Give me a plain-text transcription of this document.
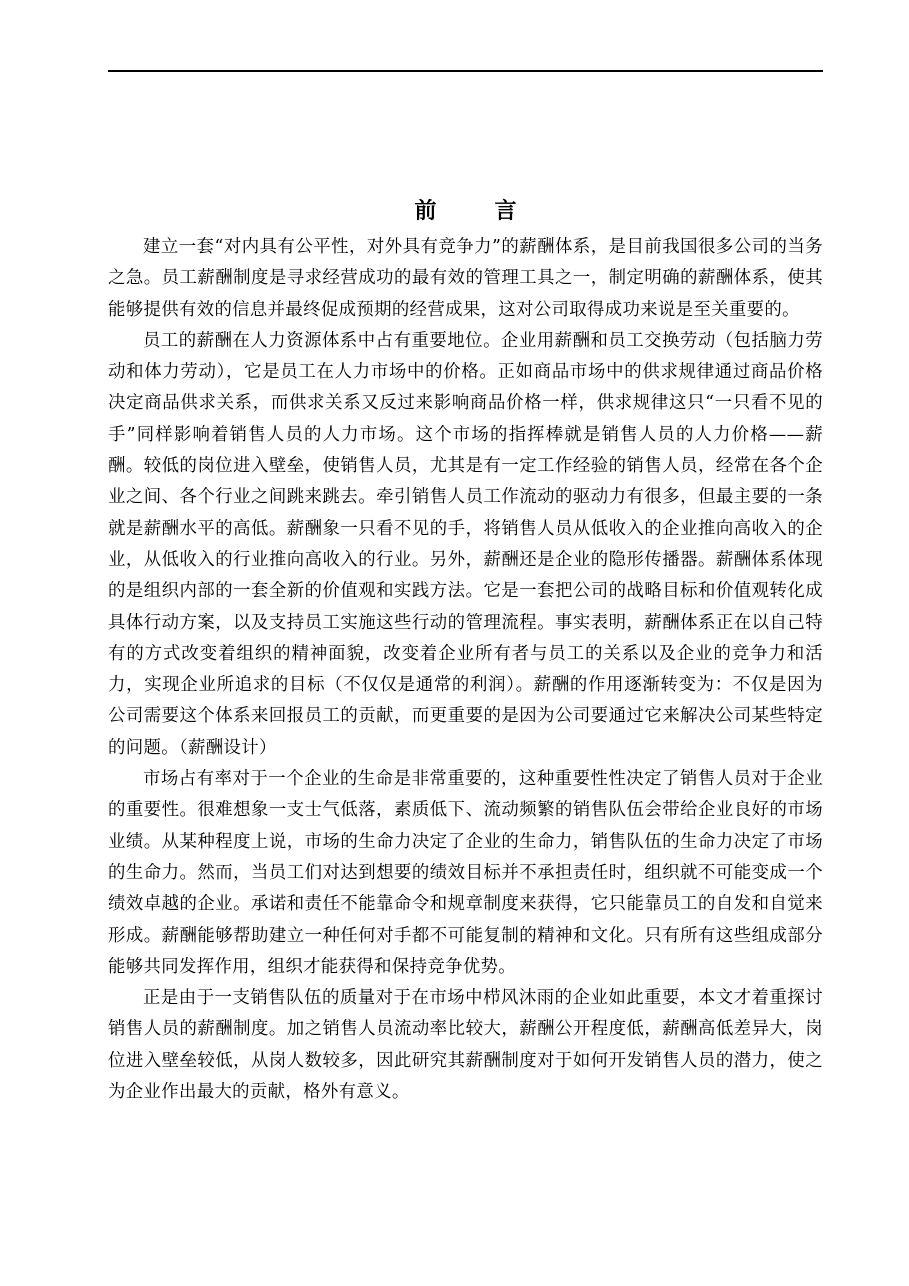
前　言

建立一套“对内具有公平性，对外具有竞争力”的薪酬体系，是目前我国很多公司的当务之急。员工薪酬制度是寻求经营成功的最有效的管理工具之一，制定明确的薪酬体系，使其能够提供有效的信息并最终促成预期的经营成果，这对公司取得成功来说是至关重要的。

员工的薪酬在人力资源体系中占有重要地位。企业用薪酬和员工交换劳动（包括脑力劳动和体力劳动），它是员工在人力市场中的价格。正如商品市场中的供求规律通过商品价格决定商品供求关系，而供求关系又反过来影响商品价格一样，供求规律这只“一只看不见的手”同样影响着销售人员的人力市场。这个市场的指挥棒就是销售人员的人力价格——薪酬。较低的岗位进入壁垒，使销售人员，尤其是有一定工作经验的销售人员，经常在各个企业之间、各个行业之间跳来跳去。牵引销售人员工作流动的驱动力有很多，但最主要的一条就是薪酬水平的高低。薪酬象一只看不见的手，将销售人员从低收入的企业推向高收入的企业，从低收入的行业推向高收入的行业。另外，薪酬还是企业的隐形传播器。薪酬体系体现的是组织内部的一套全新的价值观和实践方法。它是一套把公司的战略目标和价值观转化成具体行动方案，以及支持员工实施这些行动的管理流程。事实表明，薪酬体系正在以自己特有的方式改变着组织的精神面貌，改变着企业所有者与员工的关系以及企业的竞争力和活力，实现企业所追求的目标（不仅仅是通常的利润）。薪酬的作用逐渐转变为：不仅是因为公司需要这个体系来回报员工的贡献，而更重要的是因为公司要通过它来解决公司某些特定的问题。（薪酬设计）

市场占有率对于一个企业的生命是非常重要的，这种重要性性决定了销售人员对于企业的重要性。很难想象一支士气低落，素质低下、流动频繁的销售队伍会带给企业良好的市场业绩。从某种程度上说，市场的生命力决定了企业的生命力，销售队伍的生命力决定了市场的生命力。然而，当员工们对达到想要的绩效目标并不承担责任时，组织就不可能变成一个绩效卓越的企业。承诺和责任不能靠命令和规章制度来获得，它只能靠员工的自发和自觉来形成。薪酬能够帮助建立一种任何对手都不可能复制的精神和文化。只有所有这些组成部分能够共同发挥作用，组织才能获得和保持竞争优势。

正是由于一支销售队伍的质量对于在市场中栉风沐雨的企业如此重要，本文才着重探讨销售人员的薪酬制度。加之销售人员流动率比较大，薪酬公开程度低，薪酬高低差异大，岗位进入壁垒较低，从岗人数较多，因此研究其薪酬制度对于如何开发销售人员的潜力，使之为企业作出最大的贡献，格外有意义。
